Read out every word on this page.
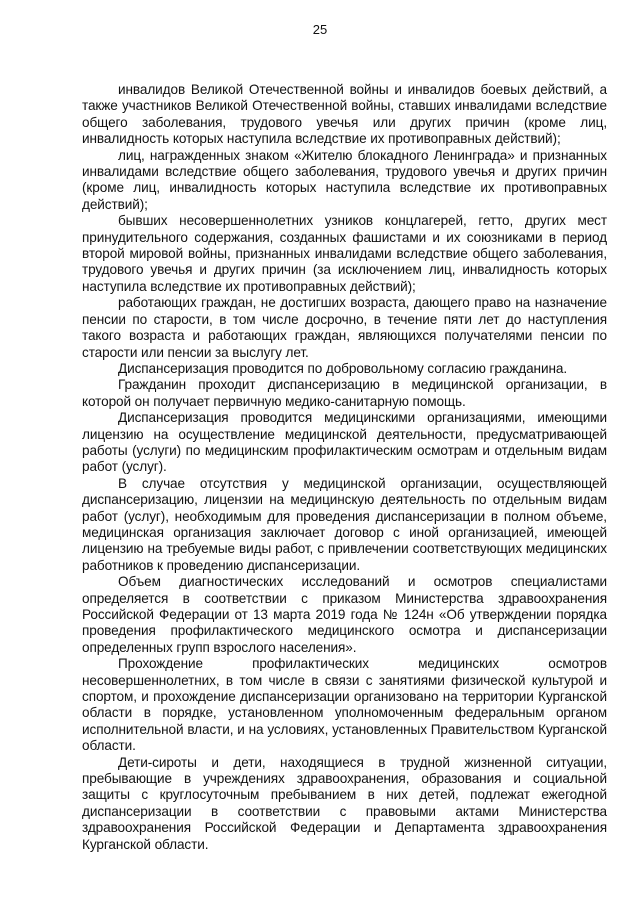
25

инвалидов Великой Отечественной войны и инвалидов боевых действий, а также участников Великой Отечественной войны, ставших инвалидами вследствие общего заболевания, трудового увечья или других причин (кроме лиц, инвалидность которых наступила вследствие их противоправных действий);

лиц, награжденных знаком «Жителю блокадного Ленинграда» и признанных инвалидами вследствие общего заболевания, трудового увечья и других причин (кроме лиц, инвалидность которых наступила вследствие их противоправных действий);

бывших несовершеннолетних узников концлагерей, гетто, других мест принудительного содержания, созданных фашистами и их союзниками в период второй мировой войны, признанных инвалидами вследствие общего заболевания, трудового увечья и других причин (за исключением лиц, инвалидность которых наступила вследствие их противоправных действий);

работающих граждан, не достигших возраста, дающего право на назначение пенсии по старости, в том числе досрочно, в течение пяти лет до наступления такого возраста и работающих граждан, являющихся получателями пенсии по старости или пенсии за выслугу лет.

Диспансеризация проводится по добровольному согласию гражданина.

Гражданин проходит диспансеризацию в медицинской организации, в которой он получает первичную медико-санитарную помощь.

Диспансеризация проводится медицинскими организациями, имеющими лицензию на осуществление медицинской деятельности, предусматривающей работы (услуги) по медицинским профилактическим осмотрам и отдельным видам работ (услуг).

В случае отсутствия у медицинской организации, осуществляющей диспансеризацию, лицензии на медицинскую деятельность по отдельным видам работ (услуг), необходимым для проведения диспансеризации в полном объеме, медицинская организация заключает договор с иной организацией, имеющей лицензию на требуемые виды работ, с привлечении соответствующих медицинских работников к проведению диспансеризации.

Объем диагностических исследований и осмотров специалистами определяется в соответствии с приказом Министерства здравоохранения Российской Федерации от 13 марта 2019 года № 124н «Об утверждении порядка проведения профилактического медицинского осмотра и диспансеризации определенных групп взрослого населения».

Прохождение профилактических медицинских осмотров несовершеннолетних, в том числе в связи с занятиями физической культурой и спортом, и прохождение диспансеризации организовано на территории Курганской области в порядке, установленном уполномоченным федеральным органом исполнительной власти, и на условиях, установленных Правительством Курганской области.

Дети-сироты и дети, находящиеся в трудной жизненной ситуации, пребывающие в учреждениях здравоохранения, образования и социальной защиты с круглосуточным пребыванием в них детей, подлежат ежегодной диспансеризации в соответствии с правовыми актами Министерства здравоохранения Российской Федерации и Департамента здравоохранения Курганской области.
